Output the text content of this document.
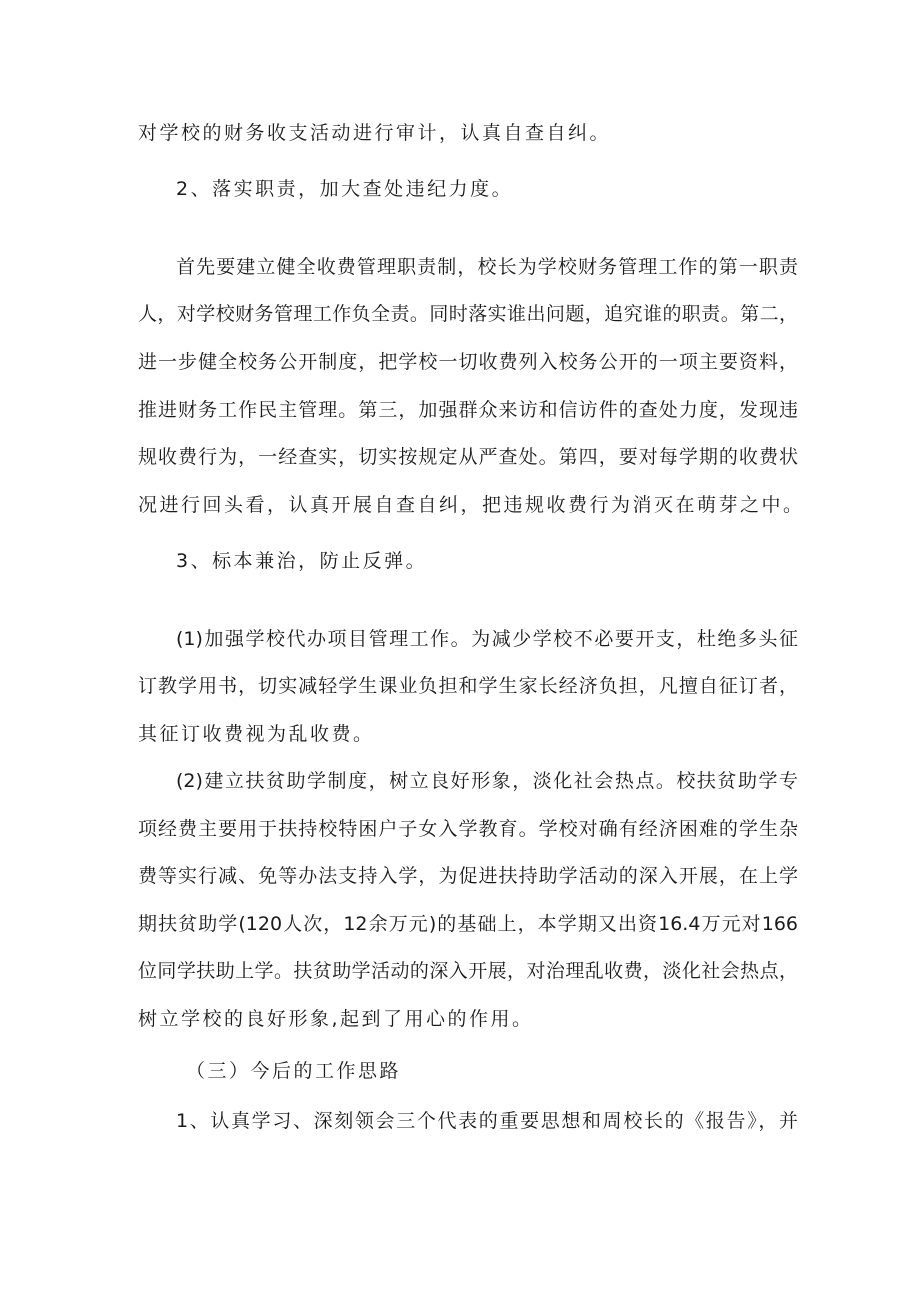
对学校的财务收支活动进行审计，认真自查自纠。
2、落实职责，加大查处违纪力度。
首先要建立健全收费管理职责制，校长为学校财务管理工作的第一职责
人，对学校财务管理工作负全责。同时落实谁出问题，追究谁的职责。第二，
进一步健全校务公开制度，把学校一切收费列入校务公开的一项主要资料，
推进财务工作民主管理。第三，加强群众来访和信访件的查处力度，发现违
规收费行为，一经查实，切实按规定从严查处。第四，要对每学期的收费状
况进行回头看，认真开展自查自纠，把违规收费行为消灭在萌芽之中。
3、标本兼治，防止反弹。
(1)加强学校代办项目管理工作。为减少学校不必要开支，杜绝多头征
订教学用书，切实减轻学生课业负担和学生家长经济负担，凡擅自征订者，
其征订收费视为乱收费。
(2)建立扶贫助学制度，树立良好形象，淡化社会热点。校扶贫助学专
项经费主要用于扶持校特困户子女入学教育。学校对确有经济困难的学生杂
费等实行减、免等办法支持入学，为促进扶持助学活动的深入开展，在上学
期扶贫助学(120人次，12余万元)的基础上，本学期又出资16.4万元对166
位同学扶助上学。扶贫助学活动的深入开展，对治理乱收费，淡化社会热点，
树立学校的良好形象,起到了用心的作用。
（三）今后的工作思路
1、认真学习、深刻领会三个代表的重要思想和周校长的《报告》，并
